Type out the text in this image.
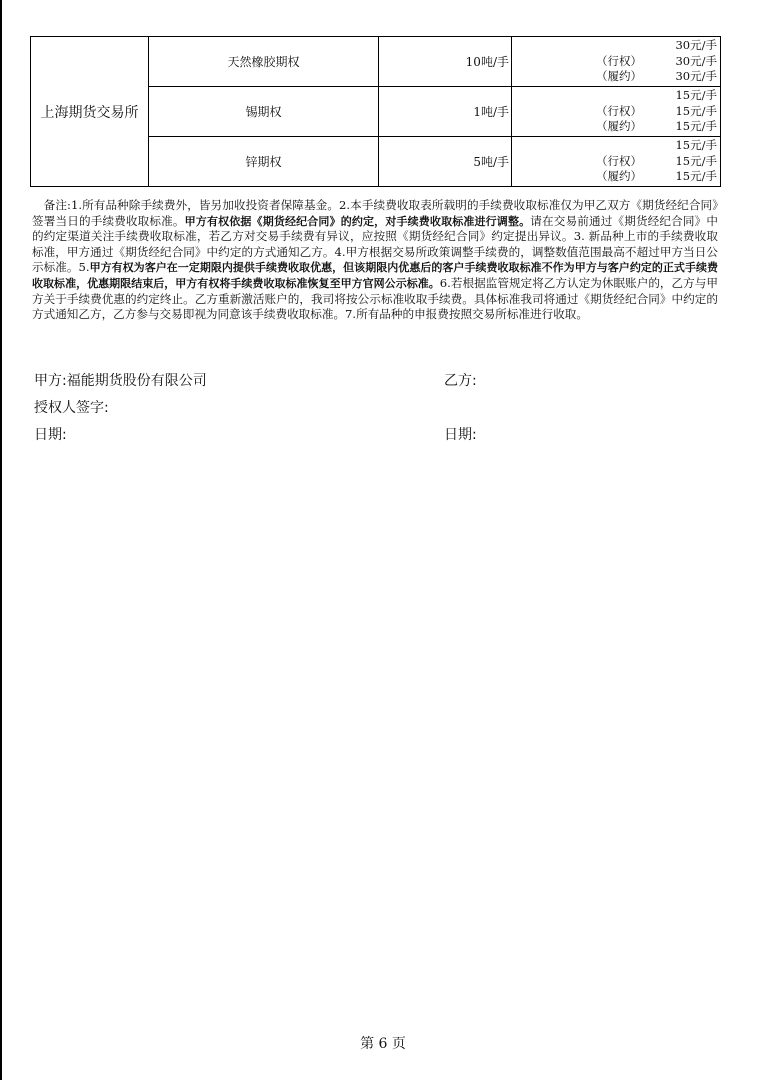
上海期货交易所	天然橡胶期权	10吨/手	30元/手
（行权） 30元/手
（履约） 30元/手

	锡期权	1吨/手	15元/手
（行权） 15元/手
（履约） 15元/手

	锌期权	5吨/手	15元/手
（行权） 15元/手
（履约） 15元/手
　备注:1.所有品种除手续费外，皆另加收投资者保障基金。2.本手续费收取表所载明的手续费收取标准仅为甲乙双方《期货经纪合同》签署当日的手续费收取标准。甲方有权依据《期货经纪合同》的约定，对手续费收取标准进行调整。请在交易前通过《期货经纪合同》中的约定渠道关注手续费收取标准，若乙方对交易手续费有异议，应按照《期货经纪合同》约定提出异议。3. 新品种上市的手续费收取标准，甲方通过《期货经纪合同》中约定的方式通知乙方。4.甲方根据交易所政策调整手续费的，调整数值范围最高不超过甲方当日公示标准。5.甲方有权为客户在一定期限内提供手续费收取优惠，但该期限内优惠后的客户手续费收取标准不作为甲方与客户约定的正式手续费收取标准，优惠期限结束后，甲方有权将手续费收取标准恢复至甲方官网公示标准。6.若根据监管规定将乙方认定为休眠账户的，乙方与甲方关于手续费优惠的约定终止。乙方重新激活账户的，我司将按公示标准收取手续费。具体标准我司将通过《期货经纪合同》中约定的方式通知乙方，乙方参与交易即视为同意该手续费收取标准。7.所有品种的申报费按照交易所标准进行收取。
甲方:福能期货股份有限公司	乙方:
授权人签字:
日期:	日期:
第 6 页
